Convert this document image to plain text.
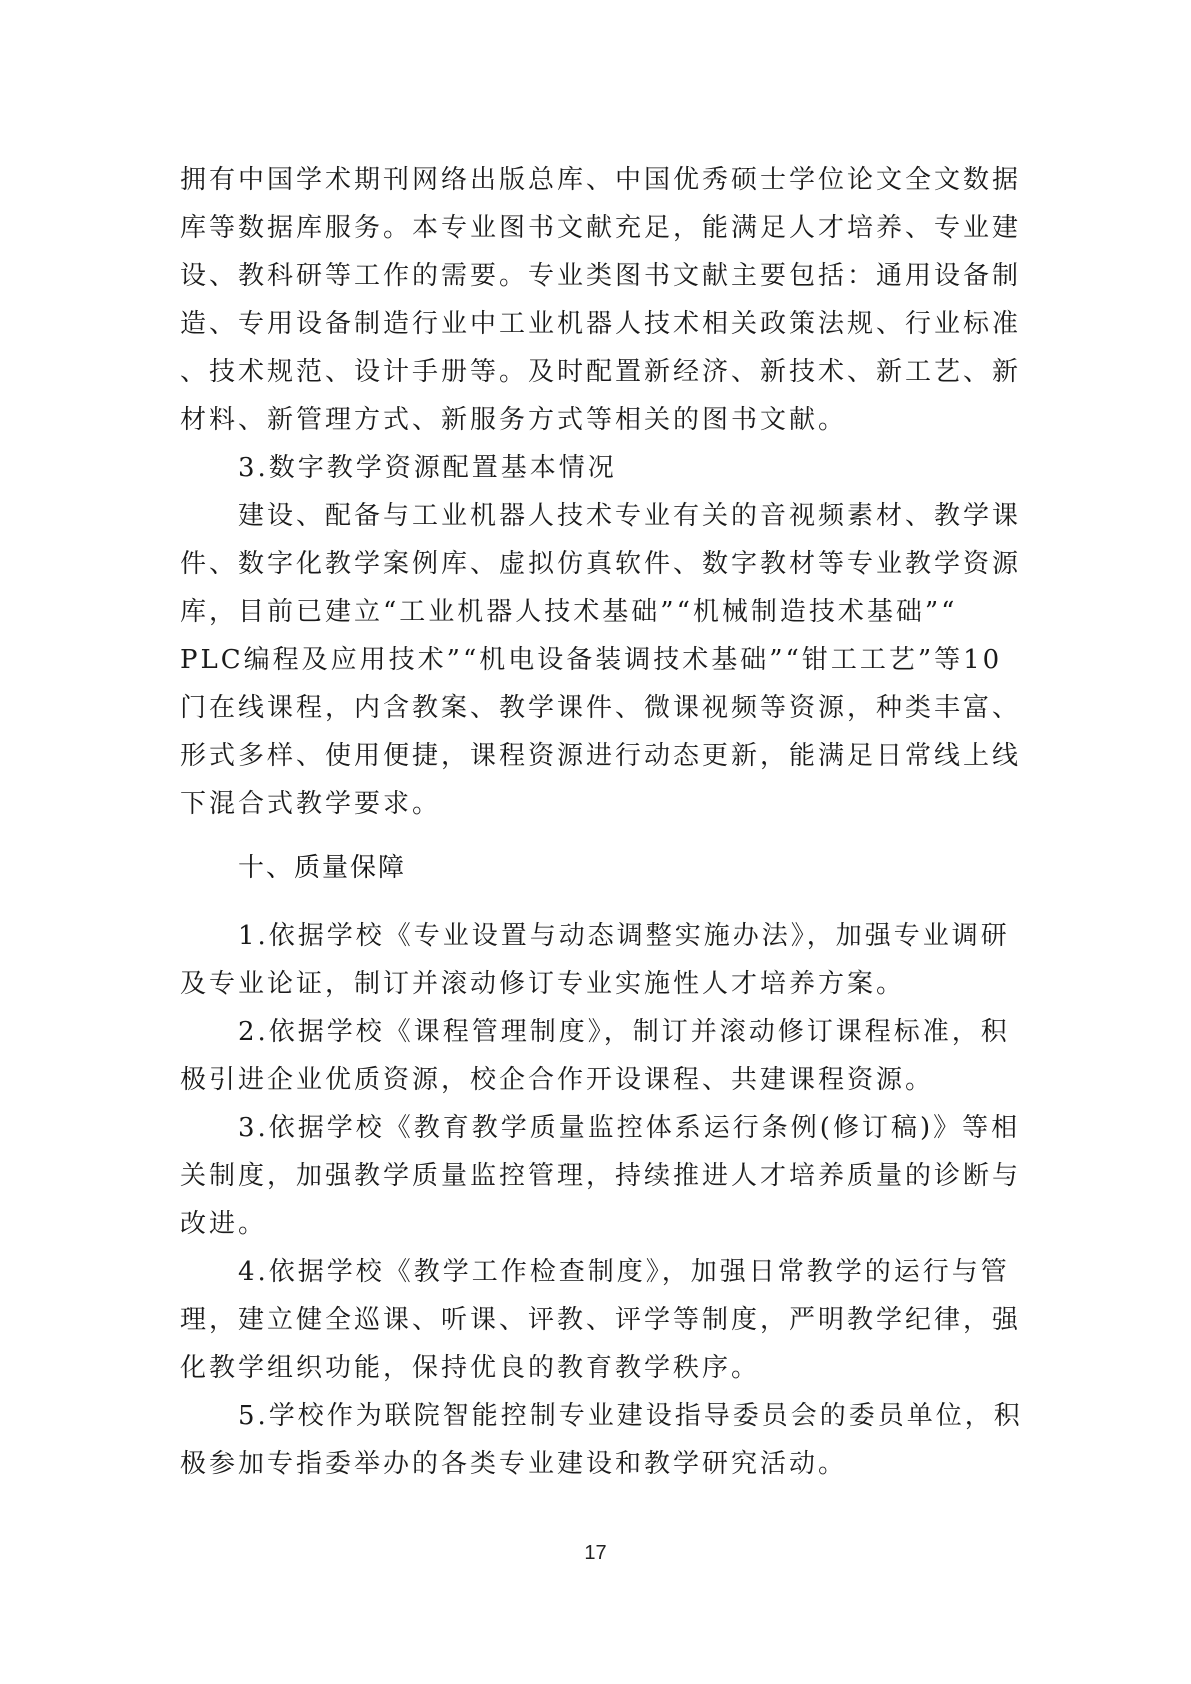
拥有中国学术期刊网络出版总库、中国优秀硕士学位论文全文数据
库等数据库服务。本专业图书文献充足，能满足人才培养、专业建
设、教科研等工作的需要。专业类图书文献主要包括：通用设备制
造、专用设备制造行业中工业机器人技术相关政策法规、行业标准
、技术规范、设计手册等。及时配置新经济、新技术、新工艺、新
材料、新管理方式、新服务方式等相关的图书文献。
　　3.数字教学资源配置基本情况
　　建设、配备与工业机器人技术专业有关的音视频素材、教学课
件、数字化教学案例库、虚拟仿真软件、数字教材等专业教学资源
库，目前已建立“工业机器人技术基础”“机械制造技术基础”“
PLC编程及应用技术”“机电设备装调技术基础”“钳工工艺”等10
门在线课程，内含教案、教学课件、微课视频等资源，种类丰富、
形式多样、使用便捷，课程资源进行动态更新，能满足日常线上线
下混合式教学要求。
十、质量保障
　　1.依据学校《专业设置与动态调整实施办法》，加强专业调研
及专业论证，制订并滚动修订专业实施性人才培养方案。
　　2.依据学校《课程管理制度》，制订并滚动修订课程标准，积
极引进企业优质资源，校企合作开设课程、共建课程资源。
　　3.依据学校《教育教学质量监控体系运行条例(修订稿)》等相
关制度，加强教学质量监控管理，持续推进人才培养质量的诊断与
改进。
　　4.依据学校《教学工作检查制度》，加强日常教学的运行与管
理，建立健全巡课、听课、评教、评学等制度，严明教学纪律，强
化教学组织功能，保持优良的教育教学秩序。
　　5.学校作为联院智能控制专业建设指导委员会的委员单位，积
极参加专指委举办的各类专业建设和教学研究活动。
17
